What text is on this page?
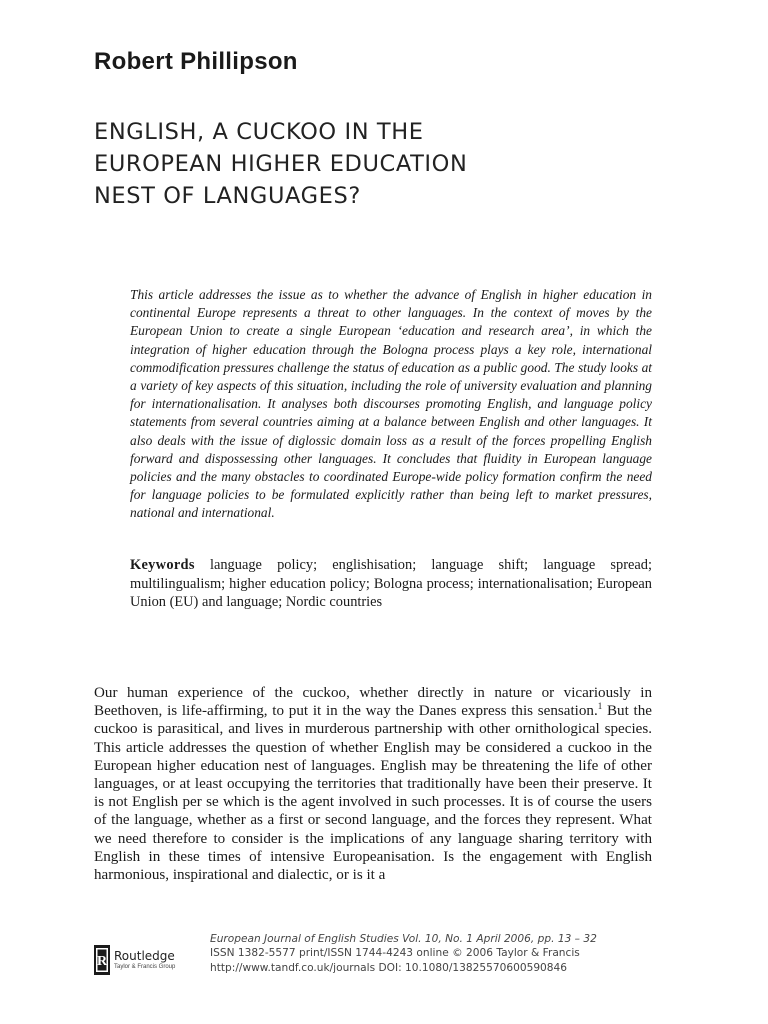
Robert Phillipson
ENGLISH, A CUCKOO IN THE
EUROPEAN HIGHER EDUCATION
NEST OF LANGUAGES?

This article addresses the issue as to whether the advance of English in higher education in continental Europe represents a threat to other languages. In the context of moves by the European Union to create a single European ‘education and research area’, in which the integration of higher education through the Bologna process plays a key role, international commodification pressures challenge the status of education as a public good. The study looks at a variety of key aspects of this situation, including the role of university evaluation and planning for internationalisation. It analyses both discourses promoting English, and language policy statements from several countries aiming at a balance between English and other languages. It also deals with the issue of diglossic domain loss as a result of the forces propelling English forward and dispossessing other languages. It concludes that fluidity in European language policies and the many obstacles to coordinated Europe-wide policy formation confirm the need for language policies to be formulated explicitly rather than being left to market pressures, national and international.

Keywords language policy; englishisation; language shift; language spread; multilingualism; higher education policy; Bologna process; internationalisation; European Union (EU) and language; Nordic countries

Our human experience of the cuckoo, whether directly in nature or vicariously in Beethoven, is life-affirming, to put it in the way the Danes express this sensation.$^1$ But the cuckoo is parasitical, and lives in murderous partnership with other ornithological species. This article addresses the question of whether English may be considered a cuckoo in the European higher education nest of languages. English may be threatening the life of other languages, or at least occupying the territories that traditionally have been their preserve. It is not English per se which is the agent involved in such processes. It is of course the users of the language, whether as a first or second language, and the forces they represent. What we need therefore to consider is the implications of any language sharing territory with English in these times of intensive Europeanisation. Is the engagement with English harmonious, inspirational and dialectic, or is it a

R Routledge
Taylor & Francis Group
European Journal of English Studies Vol. 10, No. 1 April 2006, pp. 13 – 32
ISSN 1382-5577 print/ISSN 1744-4243 online © 2006 Taylor & Francis
http://www.tandf.co.uk/journals DOI: 10.1080/13825570600590846
